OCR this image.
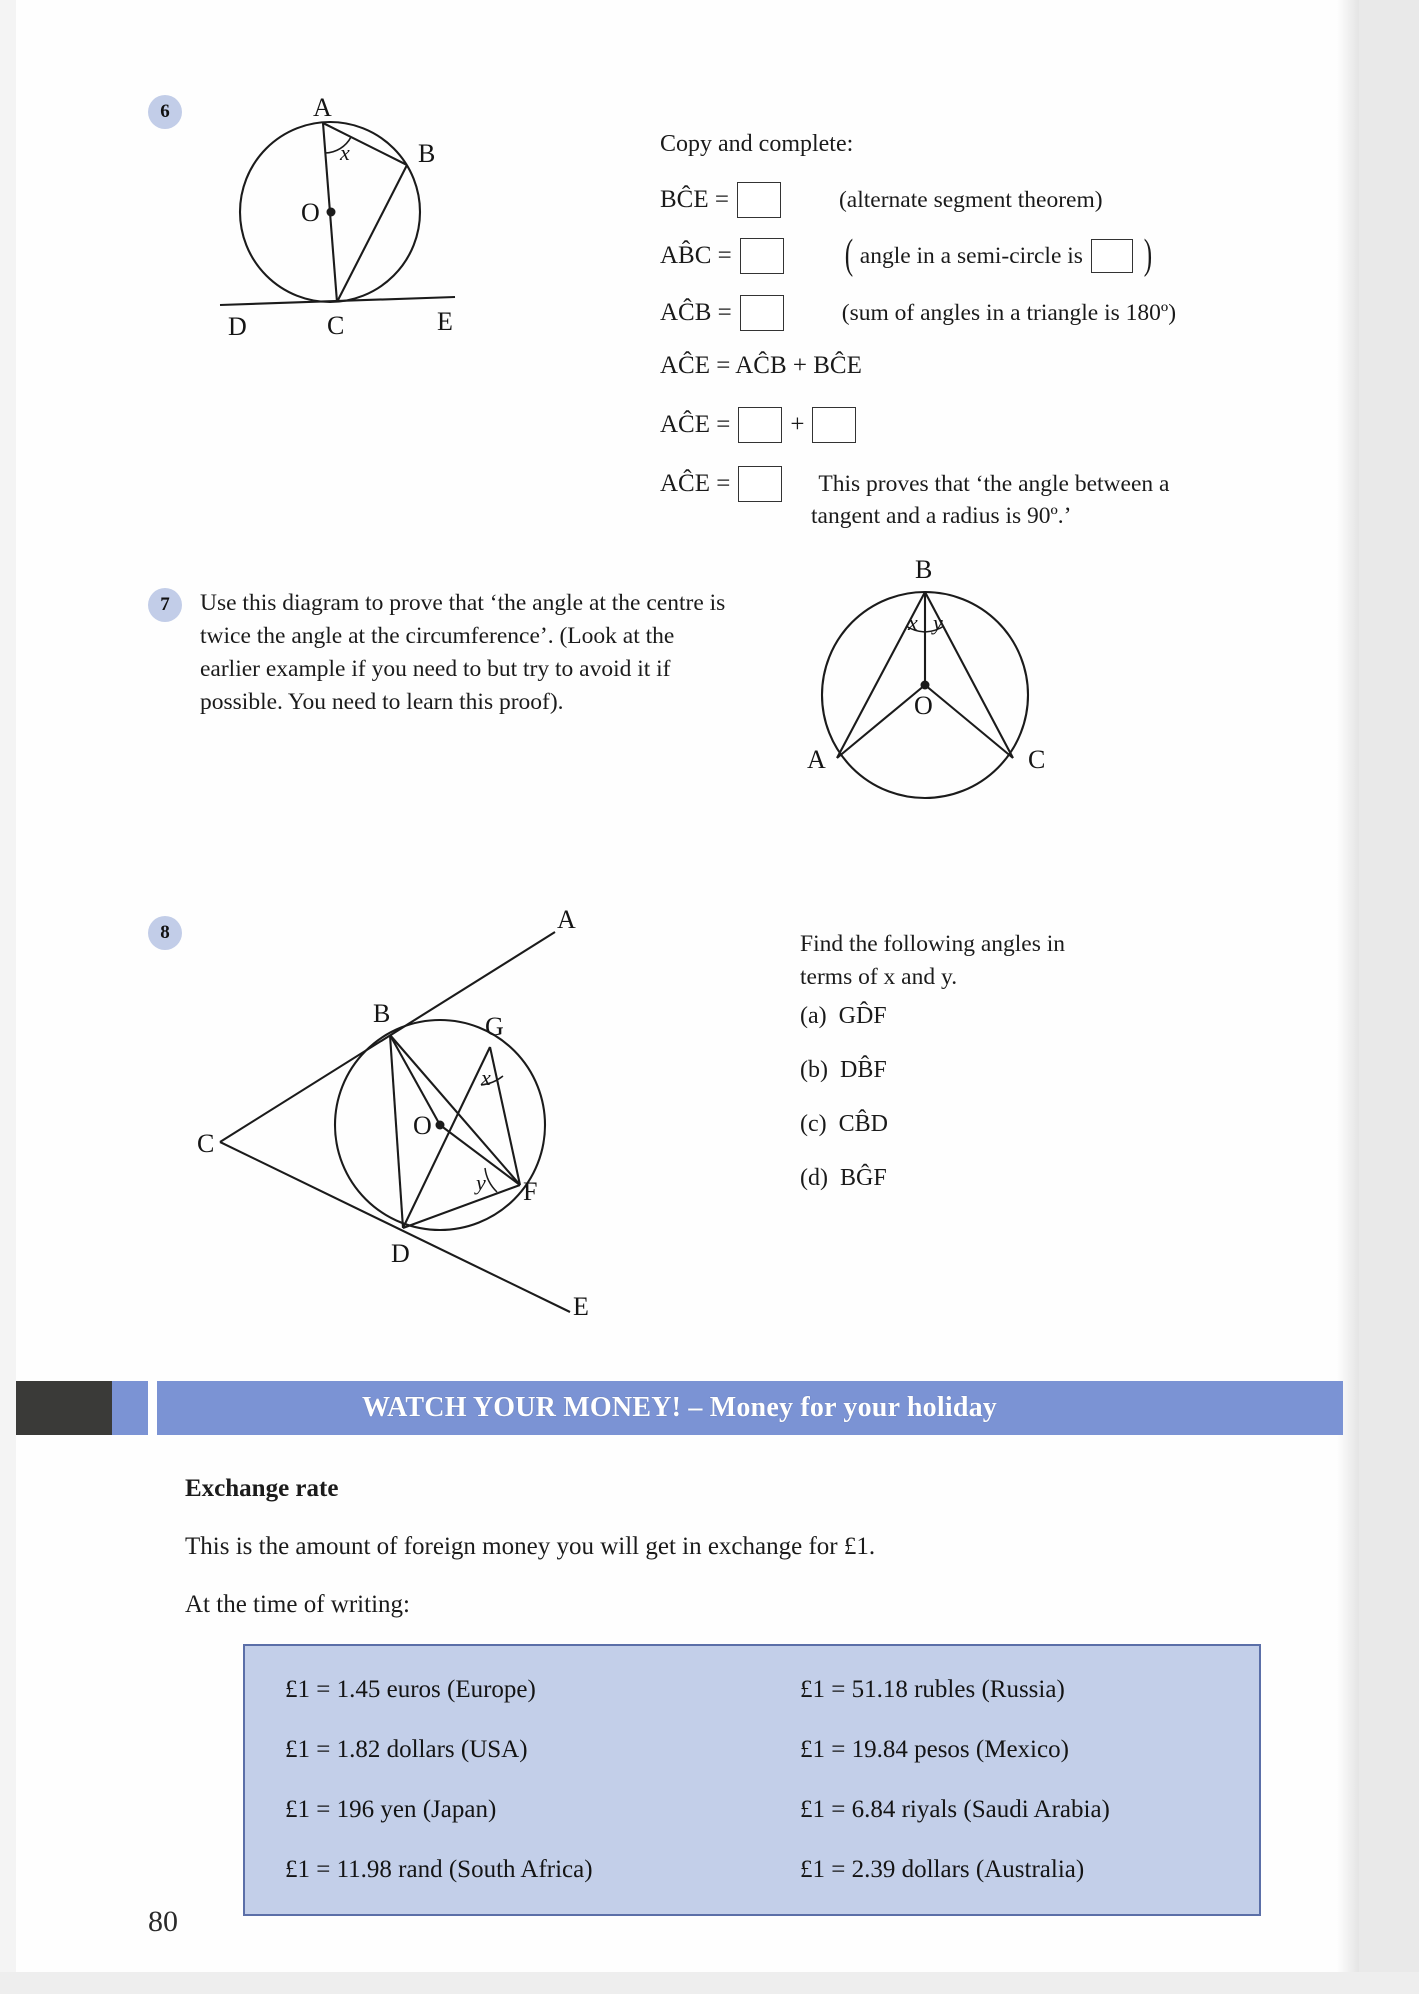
6	A
B
O
C
D	E
x	Copy and complete:
BĈE =	(alternate segment theorem)
AB̂C =	( angle in a semi-circle is )
AĈB =	(sum of angles in a triangle is 180º)
AĈE = AĈB + BĈE
AĈE = +
AĈE =	This proves that ‘the angle between a
tangent and a radius is 90º.’
7	Use this diagram to prove that ‘the angle at the centre is twice the angle at the circumference’. (Look at the earlier example if you need to but try to avoid it if possible. You need to learn this proof).
B
O
A	C
x y
8
B
A
C
G
O
F
D
E
x
y
Find the following angles in terms of x and y.
(a) GD̂F
(b) DB̂F
(c) CB̂D
(d) BĜF
WATCH YOUR MONEY! – Money for your holiday
Exchange rate
This is the amount of foreign money you will get in exchange for £1.
At the time of writing:
£1 = 1.45 euros (Europe)	£1 = 51.18 rubles (Russia)
£1 = 1.82 dollars (USA)	£1 = 19.84 pesos (Mexico)
£1 = 196 yen (Japan)	£1 = 6.84 riyals (Saudi Arabia)
£1 = 11.98 rand (South Africa)	£1 = 2.39 dollars (Australia)
80
